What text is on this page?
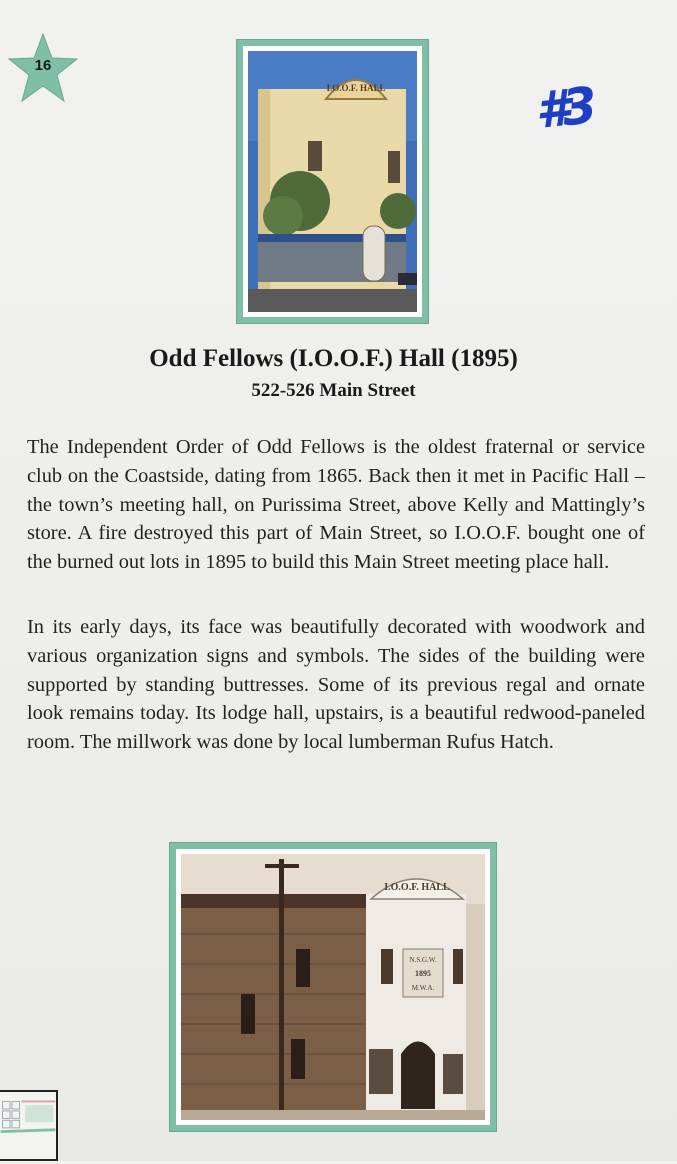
16
#3
I.O.O.F. HALL
Odd Fellows (I.O.O.F.) Hall (1895)
522-526 Main Street
The Independent Order of Odd Fellows is the oldest fraternal or service club on the Coastside, dating from 1865. Back then it met in Pacific Hall – the town’s meeting hall, on Purissima Street, above Kelly and Mattingly’s store. A fire destroyed this part of Main Street, so I.O.O.F. bought one of the burned out lots in 1895 to build this Main Street meeting place hall.
In its early days, its face was beautifully decorated with woodwork and various organization signs and symbols. The sides of the building were supported by standing buttresses. Some of its previous regal and ornate look remains today. Its lodge hall, upstairs, is a beautiful redwood-paneled room. The millwork was done by local lumberman Rufus Hatch.
I.O.O.F. HALL
N.S.G.W.
1895
M.W.A.
